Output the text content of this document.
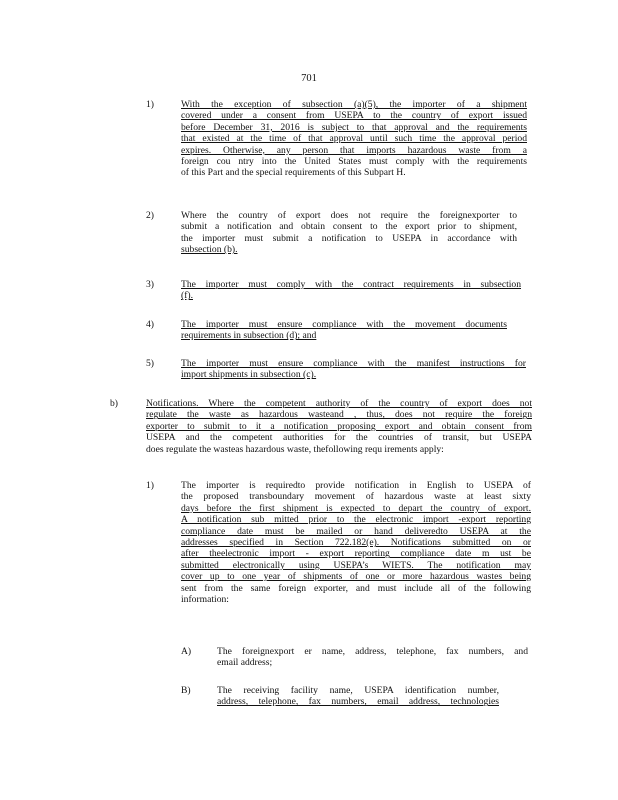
701
1)	With the exception of subsection (a)(5), the importer of a shipment
covered under a consent from USEPA to the country of export issued
before December 31, 2016 is subject to that approval and the requirements
that existed at the time of that approval until such time the approval period
expires. Otherwise, any person that imports hazardous waste from a
foreign cou ntry into the United States must comply with the requirements
of this Part and the special requirements of this Subpart H.
2)	Where the country of export does not require the foreignexporter to
submit a notification and obtain consent to the export prior to shipment,
the importer must submit a notification to USEPA in accordance with
subsection (b).
3)	The importer must comply with the contract requirements in subsection
(f).
4)	The importer must ensure compliance with the movement documents
requirements in subsection (d); and
5)	The importer must ensure compliance with the manifest instructions for
import shipments in subsection (c).
b)	Notifications. Where the competent authority of the country of export does not
regulate the waste as hazardous wasteand , thus, does not require the foreign
exporter to submit to it a notification proposing export and obtain consent from
USEPA and the competent authorities for the countries of transit, but USEPA
does regulate the wasteas hazardous waste, thefollowing requ irements apply:
1)	The importer is requiredto provide notification in English to USEPA of
the proposed transboundary movement of hazardous waste at least sixty
days before the first shipment is expected to depart the country of export.
A notification sub mitted prior to the electronic import -export reporting
compliance date must be mailed or hand deliveredto USEPA at the
addresses specified in Section 722.182(e). Notifications submitted on or
after theelectronic import - export reporting compliance date m ust be
submitted electronically using USEPA’s WIETS. The notification may
cover up to one year of shipments of one or more hazardous wastes being
sent from the same foreign exporter, and must include all of the following
information:
A)	The foreignexport er name, address, telephone, fax numbers, and
email address;
B)	The receiving facility name, USEPA identification number,
address, telephone, fax numbers, email address, technologies
